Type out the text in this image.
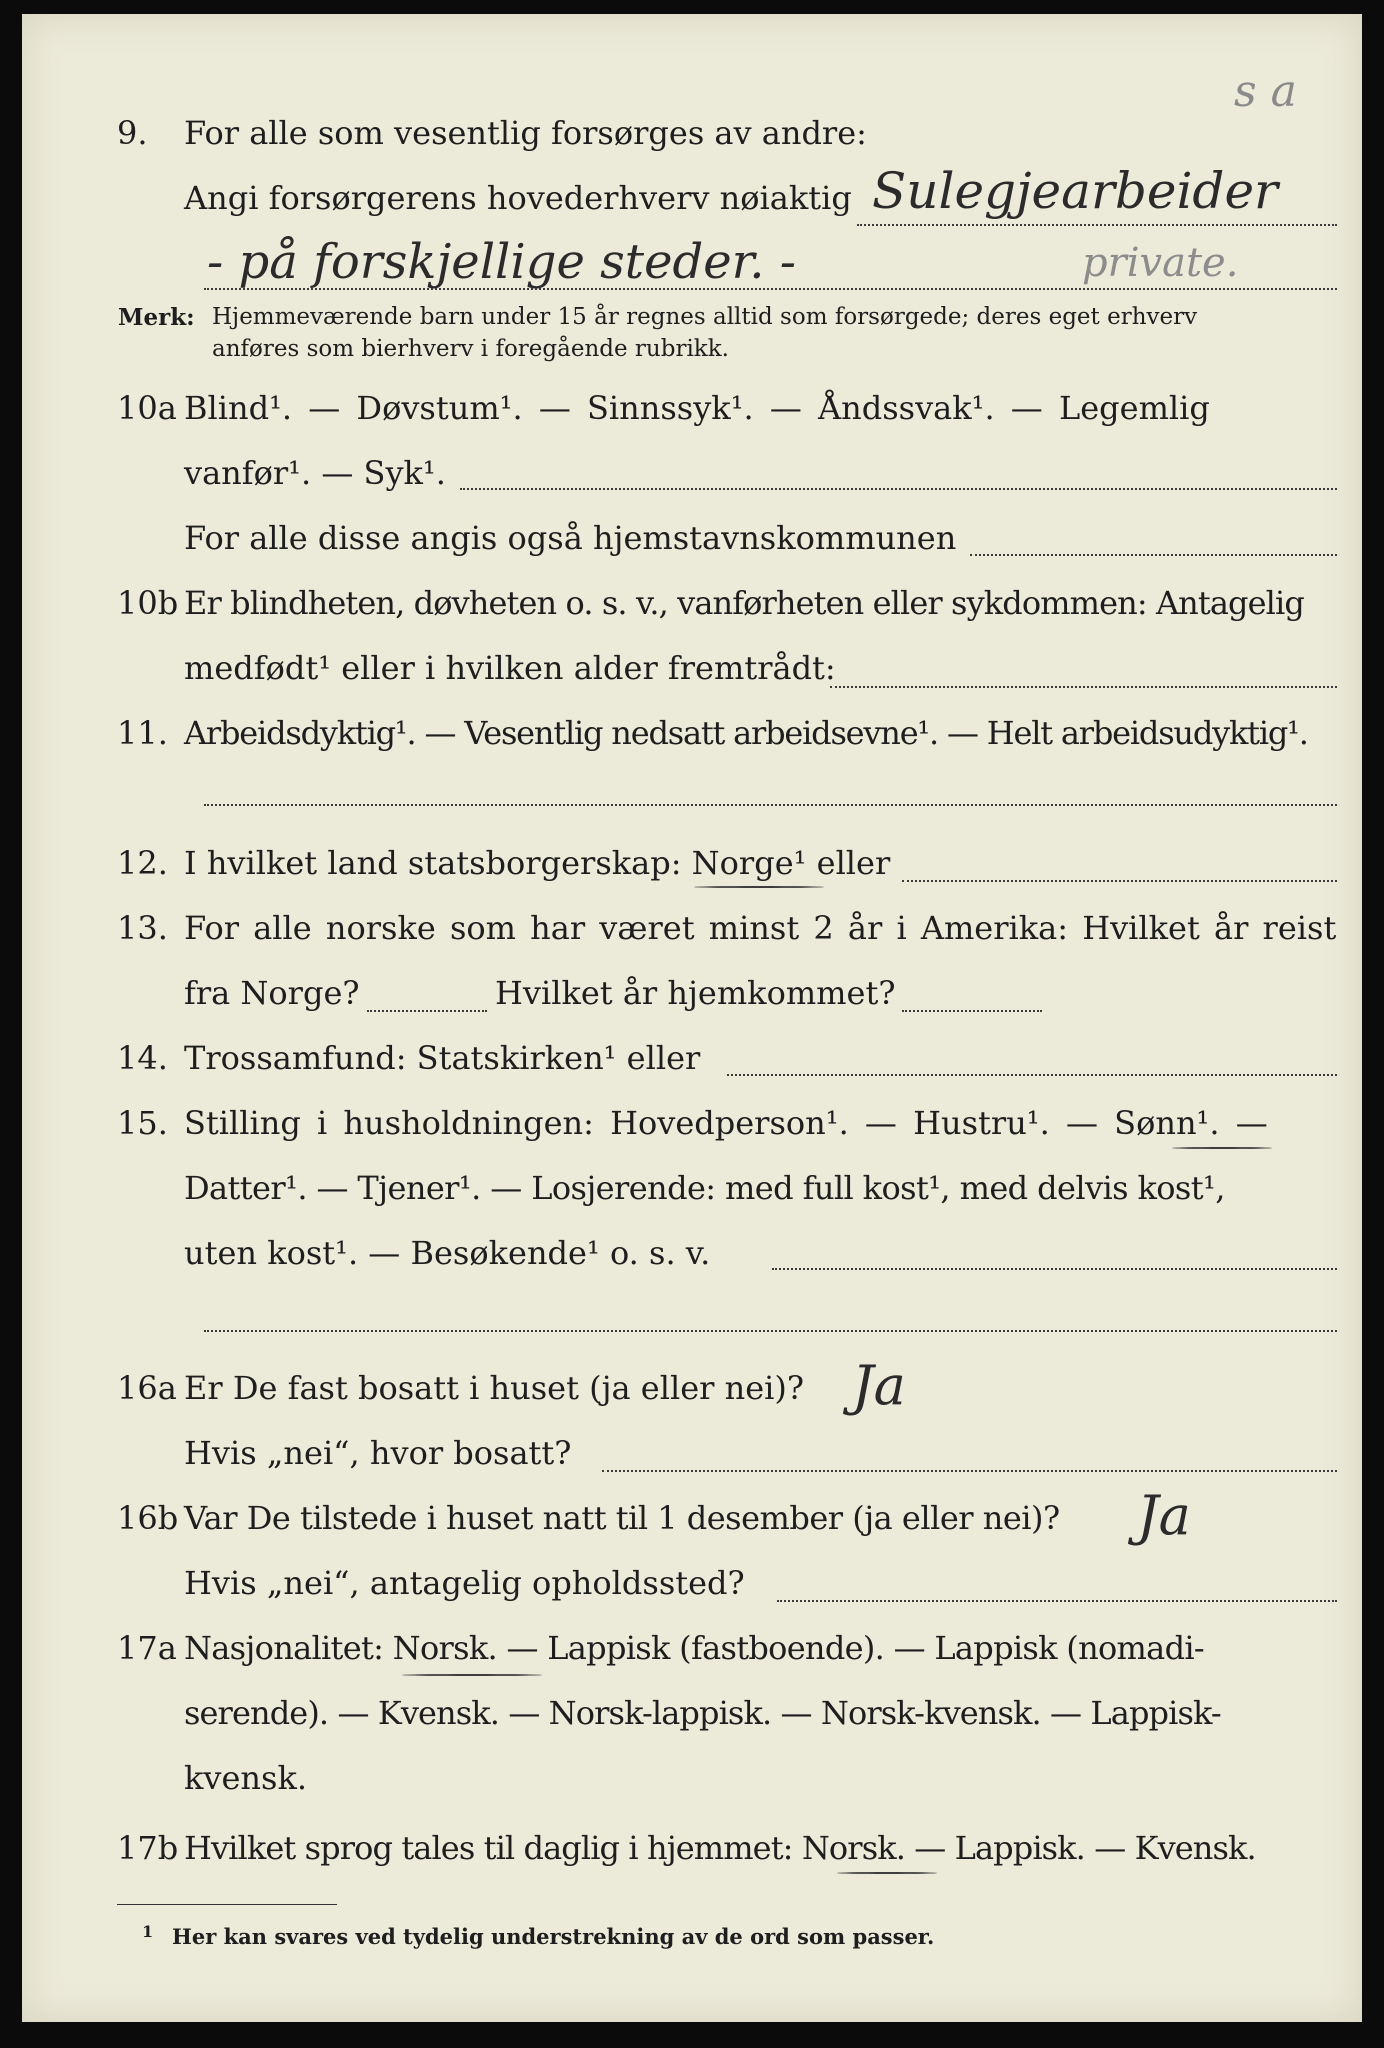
s a
9. For alle som vesentlig forsørges av andre:
Sulegjearbeider
Angi forsørgerens hovederhverv nøiaktig
- på forskjellige steder. -	private.
Merk: Hjemmeværende barn under 15 år regnes alltid som forsørgede; deres eget erhverv
anføres som bierhverv i foregående rubrikk.
10a Blind¹. — Døvstum¹. — Sinnssyk¹. — Åndssvak¹. — Legemlig
vanfør¹. — Syk¹.
For alle disse angis også hjemstavnskommunen
10b Er blindheten, døvheten o. s. v., vanførheten eller sykdommen: Antagelig
medfødt¹ eller i hvilken alder fremtrådt:
11. Arbeidsdyktig¹. — Vesentlig nedsatt arbeidsevne¹. — Helt arbeidsudyktig¹.
12. I hvilket land statsborgerskap: Norge¹ eller
13. For alle norske som har været minst 2 år i Amerika: Hvilket år reist
fra Norge?	Hvilket år hjemkommet?
14. Trossamfund: Statskirken¹ eller
15. Stilling i husholdningen: Hovedperson¹. — Hustru¹. — Sønn¹. —
Datter¹. — Tjener¹. — Losjerende: med full kost¹, med delvis kost¹,
uten kost¹. — Besøkende¹ o. s. v.
16a Er De fast bosatt i huset (ja eller nei)? Ja
Hvis „nei“, hvor bosatt?
16b Var De tilstede i huset natt til 1 desember (ja eller nei)? Ja
Hvis „nei“, antagelig opholdssted?
17a Nasjonalitet: Norsk. — Lappisk (fastboende). — Lappisk (nomadi-
serende). — Kvensk. — Norsk-lappisk. — Norsk-kvensk. — Lappisk-
kvensk.
17b Hvilket sprog tales til daglig i hjemmet: Norsk. — Lappisk. — Kvensk.
1 Her kan svares ved tydelig understrekning av de ord som passer.
